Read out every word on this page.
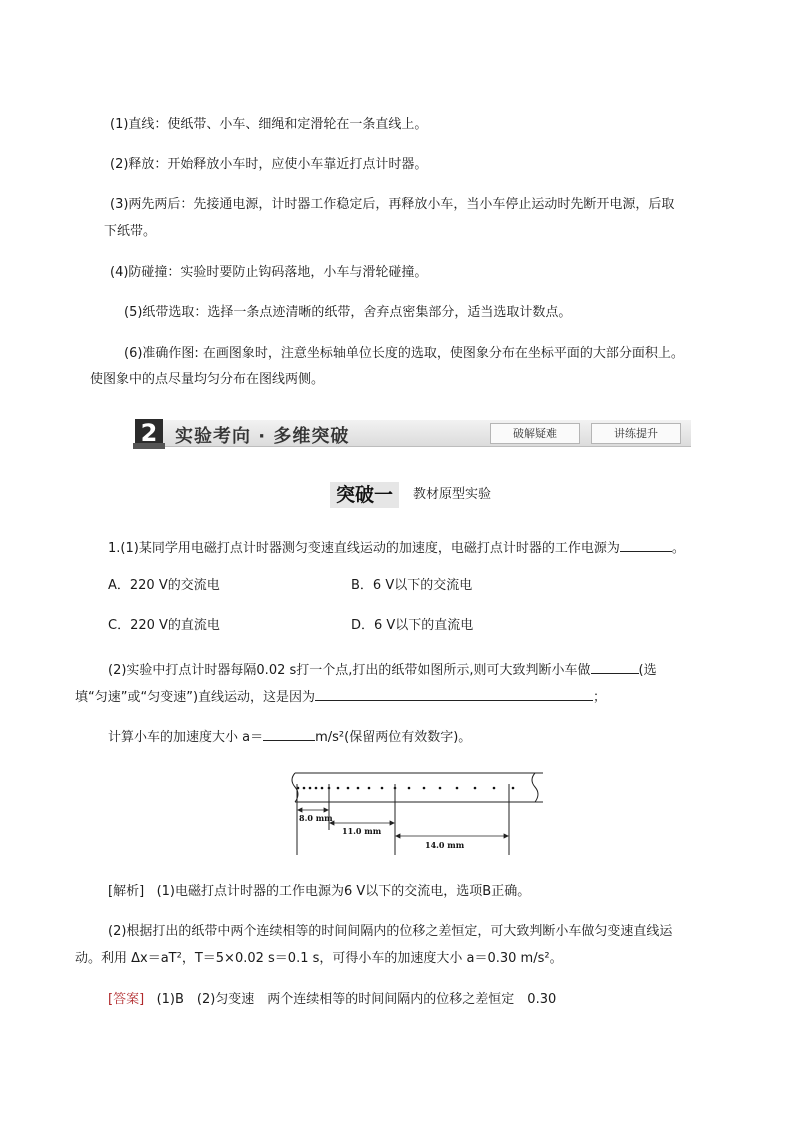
(1)直线：使纸带、小车、细绳和定滑轮在一条直线上。
(2)释放：开始释放小车时，应使小车靠近打点计时器。
(3)两先两后：先接通电源，计时器工作稳定后，再释放小车，当小车停止运动时先断开电源，后取
下纸带。
(4)防碰撞：实验时要防止钩码落地，小车与滑轮碰撞。
(5)纸带选取：选择一条点迹清晰的纸带，舍弃点密集部分，适当选取计数点。
(6)准确作图: 在画图象时，注意坐标轴单位长度的选取，使图象分布在坐标平面的大部分面积上。
使图象中的点尽量均匀分布在图线两侧。
2 实验考向 · 多维突破	破解疑难	讲练提升
突破一 教材原型实验
1.(1)某同学用电磁打点计时器测匀变速直线运动的加速度，电磁打点计时器的工作电源为	。
A．220 V的交流电	B．6 V以下的交流电
C．220 V的直流电	D．6 V以下的直流电
(2)实验中打点计时器每隔0.02 s打一个点,打出的纸带如图所示,则可大致判断小车做	(选
填“匀速”或“匀变速”)直线运动，这是因为	；
计算小车的加速度大小 a＝	m/s²(保留两位有效数字)。
8.0 mm
11.0 mm
14.0 mm
[解析] (1)电磁打点计时器的工作电源为6 V以下的交流电，选项B正确。
(2)根据打出的纸带中两个连续相等的时间间隔内的位移之差恒定，可大致判断小车做匀变速直线运
动。利用 Δx＝aT²，T＝5×0.02 s＝0.1 s，可得小车的加速度大小 a＝0.30 m/s²。
[答案] (1)B　(2)匀变速　两个连续相等的时间间隔内的位移之差恒定　0.30
